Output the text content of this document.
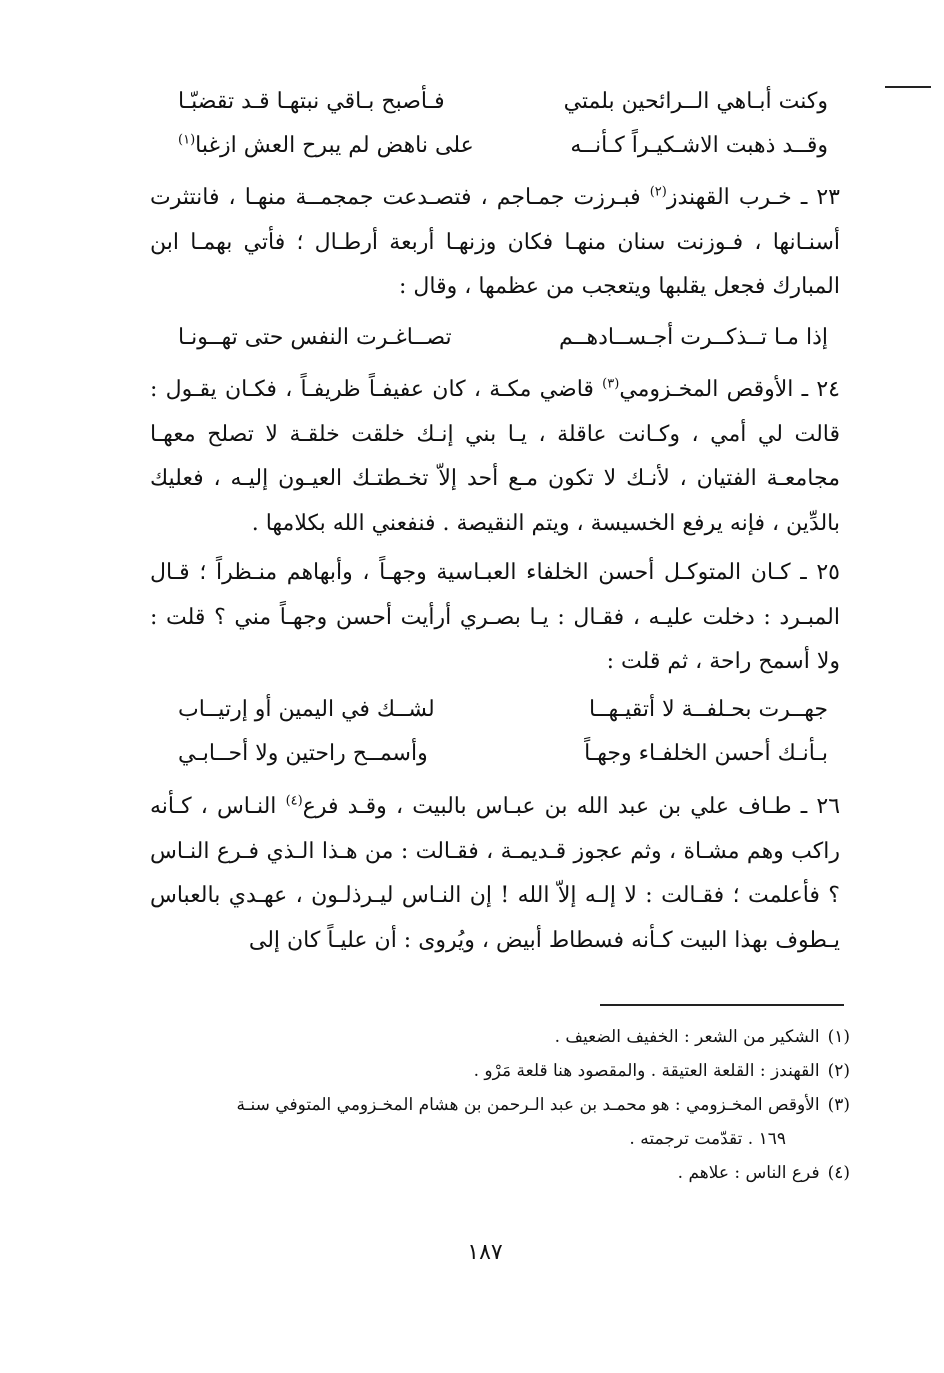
وكنت أبـاهي الــرائحين بلمتي
فـأصبح بـاقي نبتهـا قـد تقضبّـا
وقــد ذهبت الاشـكيـراً كـأنــه
على ناهض لم يبرح العش ازغبا$^{(١)}$

٢٣ ـ خـرب القهندز$^{(٢)}$ فبـرزت جمـاجم ، فتصـدعت جمجمــة منهـا ، فانتثرت أسنـانها ، فـوزنت سنان منهـا فكان وزنهـا أربعة أرطـال ؛ فأتي بهمـا ابن المبارك فجعل يقلبها ويتعجب من عظمها ، وقال :

إذا مـا تــذكــرت أجـســادهــم
تصــاغـرت النفس حتى تهــونـا

٢٤ ـ الأوقص المخـزومي$^{(٣)}$ قاضي مكـة ، كان عفيفـاً ظريفـاً ، فكـان يقـول : قالت لي أمي ، وكـانت عاقلة ، يـا بني إنـك خلقت خلقـة لا تصلح معهـا مجامعـة الفتيان ، لأنـك لا تكون مـع أحد إلاّ تخـطتـك العيـون إليـه ، فعليك بالدِّين ، فإنه يرفع الخسيسة ، ويتم النقيصة . فنفعني الله بكلامها .

٢٥ ـ كـان المتوكـل أحسن الخلفاء العبـاسية وجهـاً ، وأبهاهم منـظراً ؛ قـال المبـرد : دخلت عليـه ، فقـال : يـا بصـري أرأيت أحسن وجهـاً مني ؟ قلت : ولا أسمح راحة ، ثم قلت :

جهــرت بحـلفــة لا أتقيـهــا
لشــك في اليمين أو إرتيــاب
بـأنـك أحسن الخلفـاء وجهـاً
وأسمــح راحتين ولا أحــابـي

٢٦ ـ طـاف علي بن عبد الله بن عبـاس بالبيت ، وقـد فرع$^{(٤)}$ النـاس ، كـأنه راكب وهم مشـاة ، وثم عجوز قـديمـة ، فقـالت : من هـذا الـذي فـرع النـاس ؟ فأعلمت ؛ فقـالت : لا إلـه إلاّ الله ! إن النـاس ليـرذلـون ، عهـدي بالعباس يـطوف بهذا البيت كـأنه فسطاط أبيض ، ويُروى : أن عليـاً كان إلى

(١)الشكير من الشعر : الخفيف الضعيف .

(٢)القهندز : القلعة العتيقة . والمقصود هنا قلعة مَرْو .

(٣)الأوقص المخـزومي : هو محمـد بن عبد الـرحمن بن هشام المخـزومي المتوفي سنـة

١٦٩ . تقدّمت ترجمته .

(٤)فرع الناس : علاهم .

١٨٧
